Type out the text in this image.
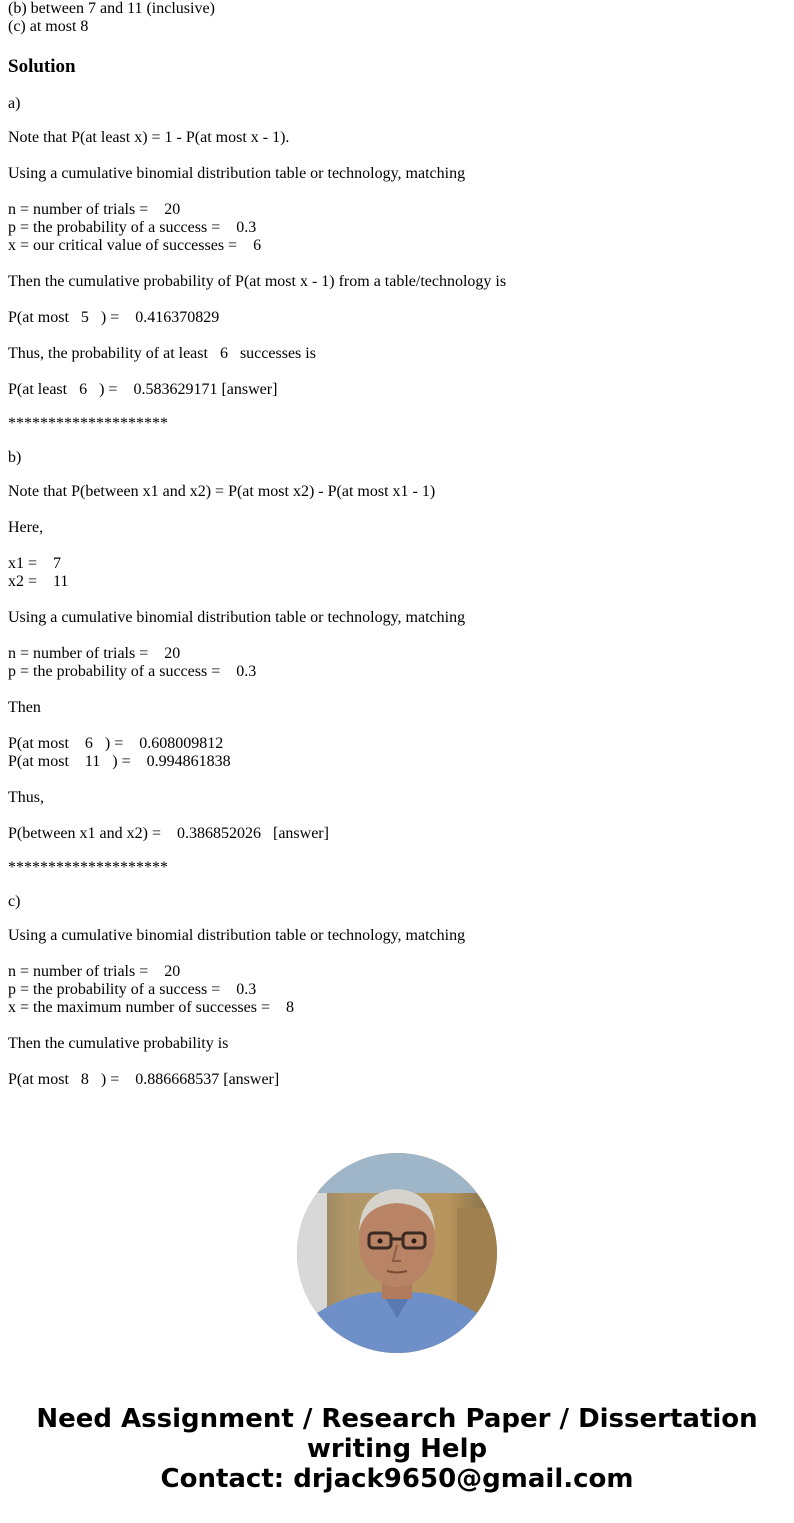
(b) between 7 and 11 (inclusive)
(c) at most 8
Solution
a)
Note that P(at least x) = 1 - P(at most x - 1).
Using a cumulative binomial distribution table or technology, matching
n = number of trials =    20
p = the probability of a success =    0.3
x = our critical value of successes =    6
Then the cumulative probability of P(at most x - 1) from a table/technology is
P(at most   5   ) =    0.416370829
Thus, the probability of at least   6   successes is
P(at least   6   ) =    0.583629171 [answer]
********************
b)
Note that P(between x1 and x2) = P(at most x2) - P(at most x1 - 1)
Here,
x1 =    7
x2 =    11
Using a cumulative binomial distribution table or technology, matching
n = number of trials =    20
p = the probability of a success =    0.3
Then
P(at most    6   ) =    0.608009812
P(at most    11   ) =    0.994861838
Thus,
P(between x1 and x2) =    0.386852026   [answer]
********************
c)
Using a cumulative binomial distribution table or technology, matching
n = number of trials =    20
p = the probability of a success =    0.3
x = the maximum number of successes =    8
Then the cumulative probability is
P(at most   8   ) =    0.886668537 [answer]
Need Assignment / Research Paper / Dissertation
writing Help
Contact: drjack9650@gmail.com
